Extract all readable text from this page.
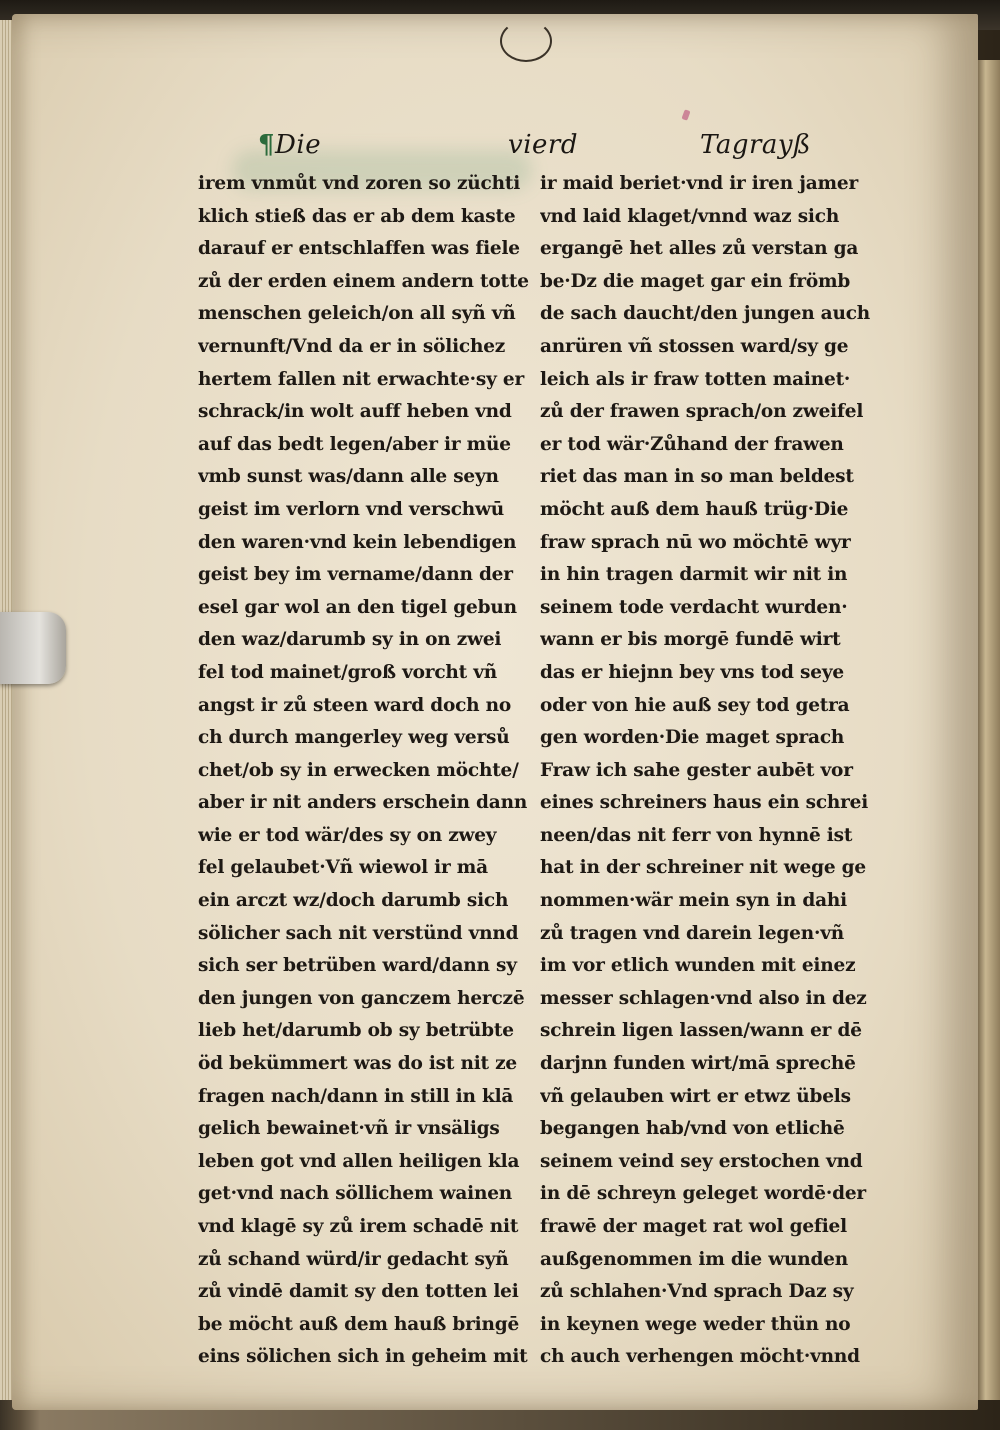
¶Die	vierd	Tagrayß
irem vnmůt vnd zoren so züchti
klich stieß das er ab dem kaste
darauf er entschlaffen was fiele
zů der erden einem andern totte
menschen geleich/on all syñ vñ
vernunft/Vnd da er in sölichez
hertem fallen nit erwachte·sy er
schrack/in wolt auff heben vnd
auf das bedt legen/aber ir müe
vmb sunst was/dann alle seyn
geist im verlorn vnd verschwū
den waren·vnd kein lebendigen
geist bey im vername/dann der
esel gar wol an den tigel gebun
den waz/darumb sy in on zwei
fel tod mainet/groß vorcht vñ
angst ir zů steen ward doch no
ch durch mangerley weg versů
chet/ob sy in erwecken möchte/
aber ir nit anders erschein dann
wie er tod wär/des sy on zwey
fel gelaubet·Vñ wiewol ir mā
ein arczt wz/doch darumb sich
sölicher sach nit verstünd vnnd
sich ser betrüben ward/dann sy
den jungen von ganczem herczē
lieb het/darumb ob sy betrübte
öd bekümmert was do ist nit ze
fragen nach/dann in still in klā
gelich bewainet·vñ ir vnsäligs
leben got vnd allen heiligen kla
get·vnd nach söllichem wainen
vnd klagē sy zů irem schadē nit
zů schand würd/ir gedacht syñ
zů vindē damit sy den totten lei
be möcht auß dem hauß bringē
eins sölichen sich in geheim mit
ir maid beriet·vnd ir iren jamer
vnd laid klaget/vnnd waz sich
ergangē het alles zů verstan ga
be·Dz die maget gar ein frömb
de sach daucht/den jungen auch
anrüren vñ stossen ward/sy ge
leich als ir fraw totten mainet·
zů der frawen sprach/on zweifel
er tod wär·Zůhand der frawen
riet das man in so man beldest
möcht auß dem hauß trüg·Die
fraw sprach nū wo möchtē wyr
in hin tragen darmit wir nit in
seinem tode verdacht wurden·
wann er bis morgē fundē wirt
das er hiejnn bey vns tod seye
oder von hie auß sey tod getra
gen worden·Die maget sprach
Fraw ich sahe gester aubēt vor
eines schreiners haus ein schrei
neen/das nit ferr von hynnē ist
hat in der schreiner nit wege ge
nommen·wär mein syn in dahi
zů tragen vnd darein legen·vñ
im vor etlich wunden mit einez
messer schlagen·vnd also in dez
schrein ligen lassen/wann er dē
darjnn funden wirt/mā sprechē
vñ gelauben wirt er etwz übels
begangen hab/vnd von etlichē
seinem veind sey erstochen vnd
in dē schreyn geleget wordē·der
frawē der maget rat wol gefiel
außgenommen im die wunden
zů schlahen·Vnd sprach Daz sy
in keynen wege weder thün no
ch auch verhengen möcht·vnnd
